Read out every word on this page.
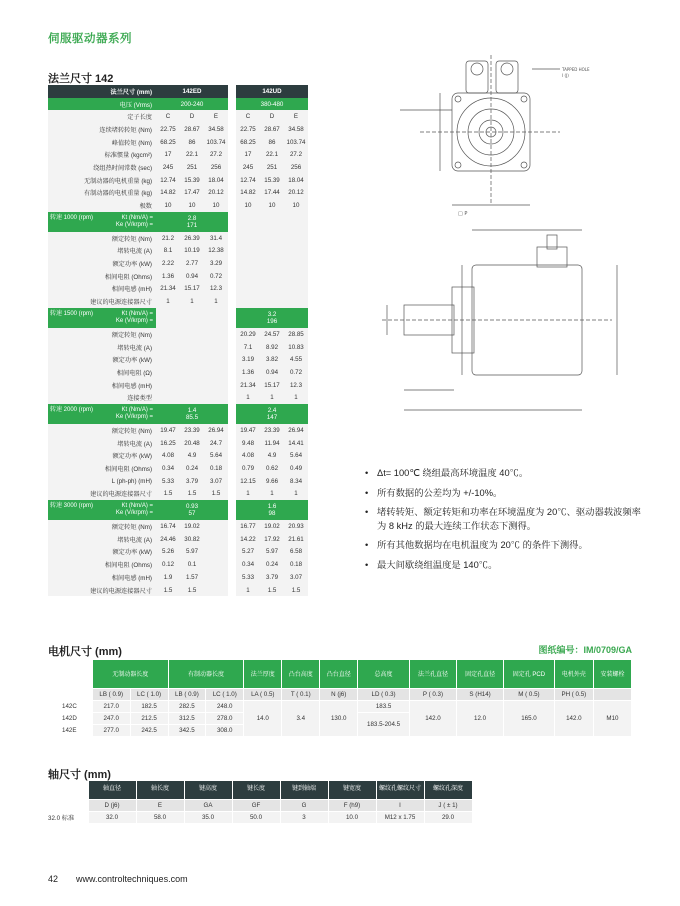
伺服驱动器系列
法兰尺寸 142
法兰尺寸 (mm)	142ED				142UD		
电压 (Vrms)	200-240				380-480		
定子长度	C	D	E		C	D	E
连续堵转转矩 (Nm)	22.75	28.67	34.58		22.75	28.67	34.58
峰值转矩 (Nm)	68.25	86	103.74		68.25	86	103.74
标准惯量 (kgcm²)	17	22.1	27.2		17	22.1	27.2
绕组热时间常数 (sec)	245	251	256		245	251	256
无制动器的电机重量 (kg)	12.74	15.39	18.04		12.74	15.39	18.04
有制动器的电机重量 (kg)	14.82	17.47	20.12		14.82	17.44	20.12
极数	10	10	10		10	10	10

转速 1000 (rpm) Kt (Nm/A) =
Ke (V/krpm) =	2.8
171						
额定转矩 (Nm)	21.2	26.39	31.4				
堵转电流 (A)	8.1	10.19	12.38				
额定功率 (kW)	2.22	2.77	3.29				
相间电阻 (Ohms)	1.36	0.94	0.72				
相间电感 (mH)	21.34	15.17	12.3				
建议的电源连接器尺寸	1	1	1				

转速 1500 (rpm) Kt (Nm/A) =
Ke (V/krpm) =					3.2
196		
额定转矩 (Nm)					20.29	24.57	28.85
堵转电流 (A)					7.1	8.92	10.83
额定功率 (kW)					3.19	3.82	4.55
相间电阻 (Ω)					1.36	0.94	0.72
相间电感 (mH)					21.34	15.17	12.3
连接类型					1	1	1

转速 2000 (rpm) Kt (Nm/A) =
Ke (V/krpm) =	1.4
85.5				2.4
147		
额定转矩 (Nm)	19.47	23.39	26.94		19.47	23.39	26.94
堵转电流 (A)	16.25	20.48	24.7		9.48	11.94	14.41
额定功率 (kW)	4.08	4.9	5.64		4.08	4.9	5.64
相间电阻 (Ohms)	0.34	0.24	0.18		0.79	0.62	0.49
L (ph-ph) (mH)	5.33	3.79	3.07		12.15	9.66	8.34
建议的电源连接器尺寸	1.5	1.5	1.5		1	1	1

转速 3000 (rpm) Kt (Nm/A) =
Ke (V/krpm) =	0.93
57				1.6
98		
额定转矩 (Nm)	16.74	19.02			16.77	19.02	20.93
堵转电流 (A)	24.46	30.82			14.22	17.92	21.61
额定功率 (kW)	5.26	5.97			5.27	5.97	6.58
相间电阻 (Ohms)	0.12	0.1			0.34	0.24	0.18
相间电感 (mH)	1.9	1.57			5.33	3.79	3.07
建议的电源连接器尺寸	1.5	1.5			1	1.5	1.5
□ P
TAPPED HOLE
I (J)
• Δt= 100℃ 绕组最高环境温度 40℃。
• 所有数据的公差均为 +/-10%。
• 堵转转矩、额定转矩和功率在环境温度为 20℃、驱动器载波频率为 8 kHz 的最大连续工作状态下测得。
• 所有其他数据均在电机温度为 20℃ 的条件下测得。
• 最大间歇绕组温度是 140℃。
电机尺寸 (mm)	图纸编号：IM/0709/GA
	无制动器长度		有制动器长度		法兰厚度	凸台高度	凸台直径	总高度	法兰孔直径	固定孔直径	固定孔 PCD	电机外壳	安装螺栓
	LB ( 0.9)	LC ( 1.0)	LB ( 0.9)	LC ( 1.0)	LA ( 0.5)	T ( 0.1)	N (j6)	LD ( 0.3)	P ( 0.3)	S (H14)	M ( 0.5)	PH ( 0.5)	
142C	217.0	182.5	282.5	248.0	14.0	3.4	130.0	183.5	142.0	12.0	165.0	142.0	M10
142D	247.0	212.5	312.5	278.0				183.5-204.5					
142E	277.0	242.5	342.5	308.0									
轴尺寸 (mm)
	轴直径	轴长度	键高度	键长度	键到轴端	键宽度	螺纹孔螺纹尺寸	螺纹孔深度
	D (j6)	E	GA	GF	G	F (h9)	I	J ( ± 1)
32.0 标准	32.0	58.0	35.0	50.0	3	10.0	M12 x 1.75	29.0
42 www.controltechniques.com
